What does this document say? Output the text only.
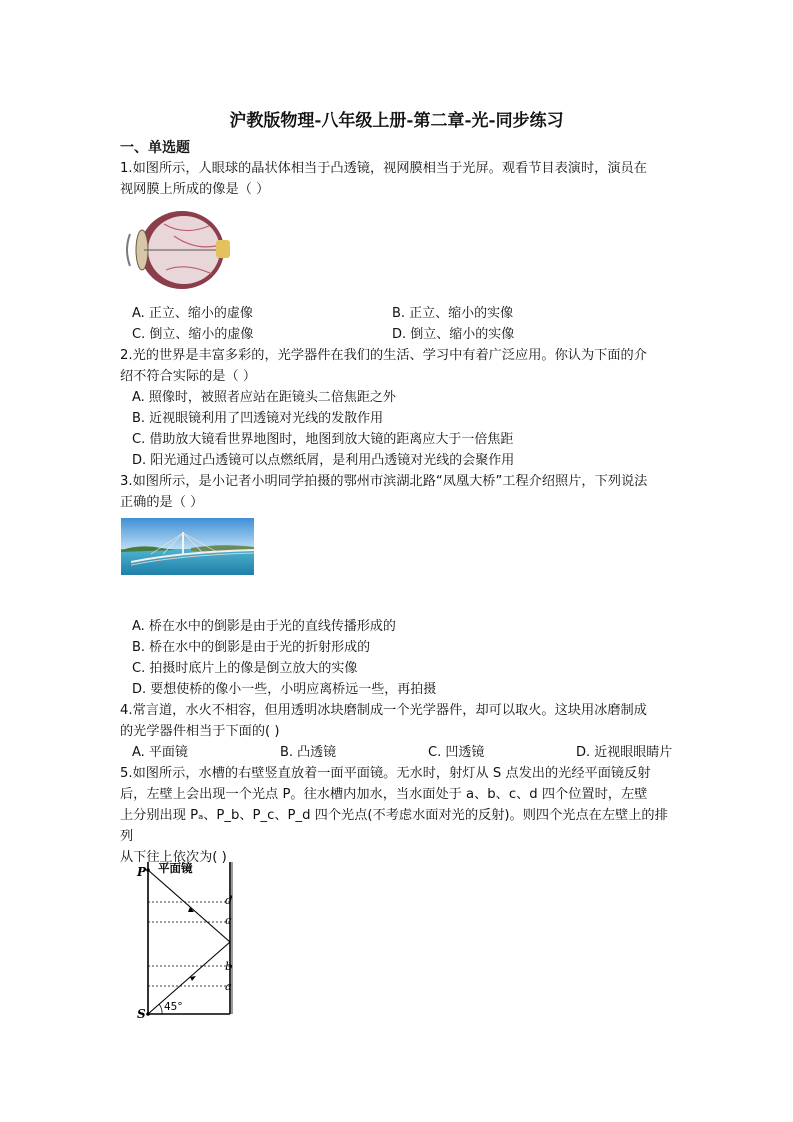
沪教版物理-八年级上册-第二章-光-同步练习
一、单选题
1.如图所示，人眼球的晶状体相当于凸透镜，视网膜相当于光屏。观看节目表演时，演员在
视网膜上所成的像是（ ）
A. 正立、缩小的虚像	B. 正立、缩小的实像
C. 倒立、缩小的虚像	D. 倒立、缩小的实像
2.光的世界是丰富多彩的，光学器件在我们的生活、学习中有着广泛应用。你认为下面的介
绍不符合实际的是（ ）
A. 照像时，被照者应站在距镜头二倍焦距之外
B. 近视眼镜利用了凹透镜对光线的发散作用
C. 借助放大镜看世界地图时，地图到放大镜的距离应大于一倍焦距
D. 阳光通过凸透镜可以点燃纸屑，是利用凸透镜对光线的会聚作用
3.如图所示，是小记者小明同学拍摄的鄂州市滨湖北路“凤凰大桥”工程介绍照片，下列说法
正确的是（ ）
A. 桥在水中的倒影是由于光的直线传播形成的
B. 桥在水中的倒影是由于光的折射形成的
C. 拍摄时底片上的像是倒立放大的实像
D. 要想使桥的像小一些，小明应离桥远一些，再拍摄
4.常言道，水火不相容，但用透明冰块磨制成一个光学器件，却可以取火。这块用冰磨制成
的光学器件相当于下面的( )
A. 平面镜	B. 凸透镜	C. 凹透镜	D. 近视眼眼睛片
5.如图所示，水槽的右壁竖直放着一面平面镜。无水时，射灯从 S 点发出的光经平面镜反射
后，左壁上会出现一个光点 P。往水槽内加水，当水面处于 a、b、c、d 四个位置时，左壁
上分别出现 Pₐ、P_b、P_c、P_d 四个光点(不考虑水面对光的反射)。则四个光点在左壁上的排列
从下往上依次为( )
平面镜
P
S
d
c
b
a
45°
